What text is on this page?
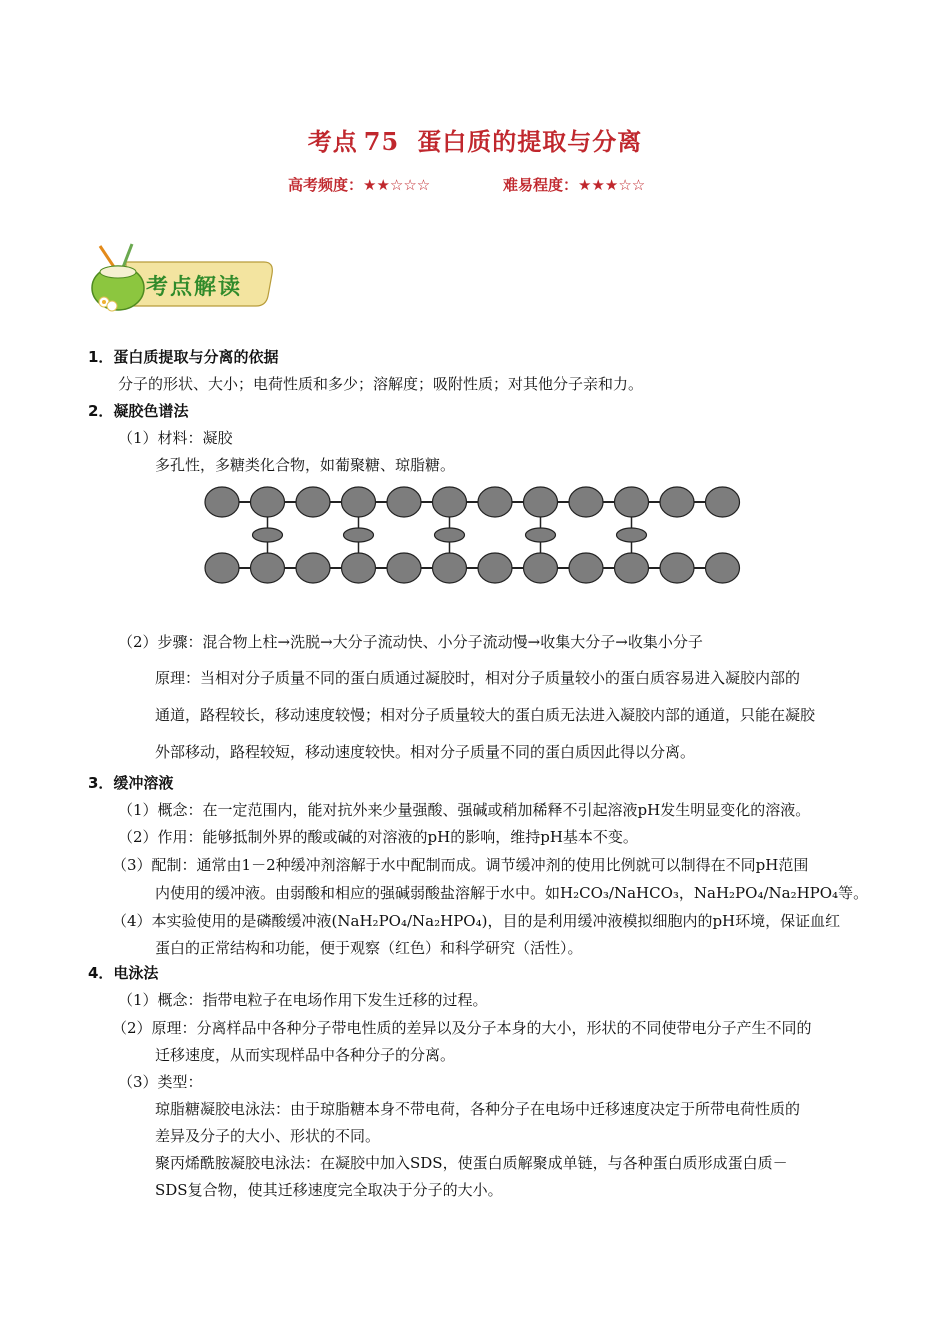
考点 75 蛋白质的提取与分离
高考频度：★★☆☆☆	难易程度：★★★☆☆
考点解读
1．蛋白质提取与分离的依据
分子的形状、大小；电荷性质和多少；溶解度；吸附性质；对其他分子亲和力。
2．凝胶色谱法
（1）材料：凝胶
多孔性，多糖类化合物，如葡聚糖、琼脂糖。
（2）步骤：混合物上柱→洗脱→大分子流动快、小分子流动慢→收集大分子→收集小分子
原理：当相对分子质量不同的蛋白质通过凝胶时，相对分子质量较小的蛋白质容易进入凝胶内部的
通道，路程较长，移动速度较慢；相对分子质量较大的蛋白质无法进入凝胶内部的通道，只能在凝胶
外部移动，路程较短，移动速度较快。相对分子质量不同的蛋白质因此得以分离。
3．缓冲溶液
（1）概念：在一定范围内，能对抗外来少量强酸、强碱或稍加稀释不引起溶液pH发生明显变化的溶液。
（2）作用：能够抵制外界的酸或碱的对溶液的pH的影响，维持pH基本不变。
（3）配制：通常由1－2种缓冲剂溶解于水中配制而成。调节缓冲剂的使用比例就可以制得在不同pH范围
内使用的缓冲液。由弱酸和相应的强碱弱酸盐溶解于水中。如H₂CO₃/NaHCO₃，NaH₂PO₄/Na₂HPO₄等。
（4）本实验使用的是磷酸缓冲液(NaH₂PO₄/Na₂HPO₄)，目的是利用缓冲液模拟细胞内的pH环境，保证血红
蛋白的正常结构和功能，便于观察（红色）和科学研究（活性）。
4．电泳法
（1）概念：指带电粒子在电场作用下发生迁移的过程。
（2）原理：分离样品中各种分子带电性质的差异以及分子本身的大小，形状的不同使带电分子产生不同的
迁移速度，从而实现样品中各种分子的分离。
（3）类型：
琼脂糖凝胶电泳法：由于琼脂糖本身不带电荷，各种分子在电场中迁移速度决定于所带电荷性质的
差异及分子的大小、形状的不同。
聚丙烯酰胺凝胶电泳法：在凝胶中加入SDS，使蛋白质解聚成单链，与各种蛋白质形成蛋白质－
SDS复合物，使其迁移速度完全取决于分子的大小。
